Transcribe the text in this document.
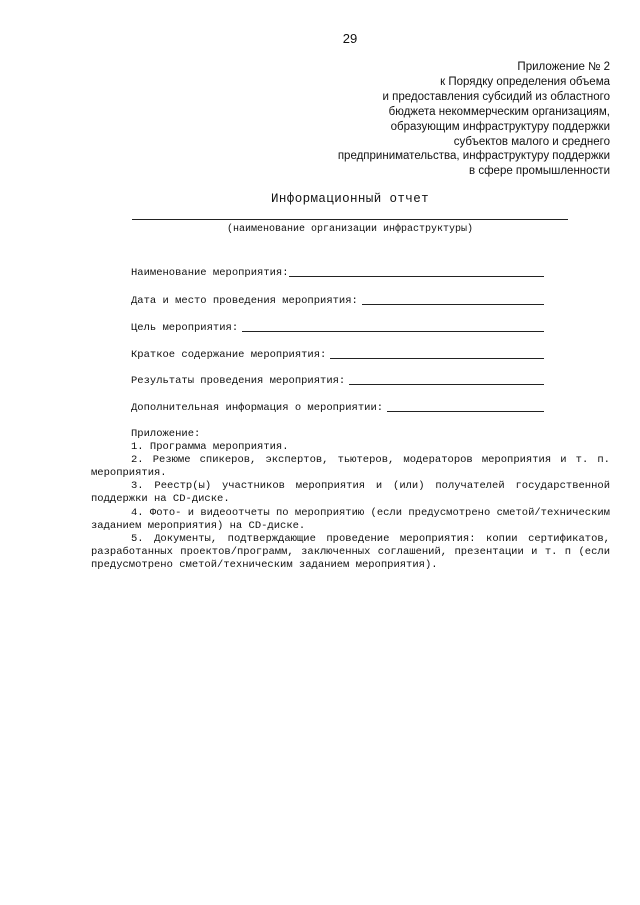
29
Приложение № 2
к Порядку определения объема
и предоставления субсидий из областного
бюджета некоммерческим организациям,
образующим инфраструктуру поддержки
субъектов малого и среднего
предпринимательства, инфраструктуру поддержки
в сфере промышленности
Информационный отчет
(наименование организации инфраструктуры)
Наименование мероприятия:
Дата и место проведения мероприятия:
Цель мероприятия:
Краткое содержание мероприятия:
Результаты проведения мероприятия:
Дополнительная информация о мероприятии:
Приложение:
1. Программа мероприятия.
2. Резюме спикеров, экспертов, тьютеров, модераторов мероприятия и т. п. мероприятия.
3. Реестр(ы) участников мероприятия и (или) получателей государственной поддержки на CD-диске.
4. Фото- и видеоотчеты по мероприятию (если предусмотрено сметой/техническим заданием мероприятия) на CD-диске.
5. Документы, подтверждающие проведение мероприятия: копии сертификатов, разработанных проектов/программ, заключенных соглашений, презентации и т. п (если предусмотрено сметой/техническим заданием мероприятия).
